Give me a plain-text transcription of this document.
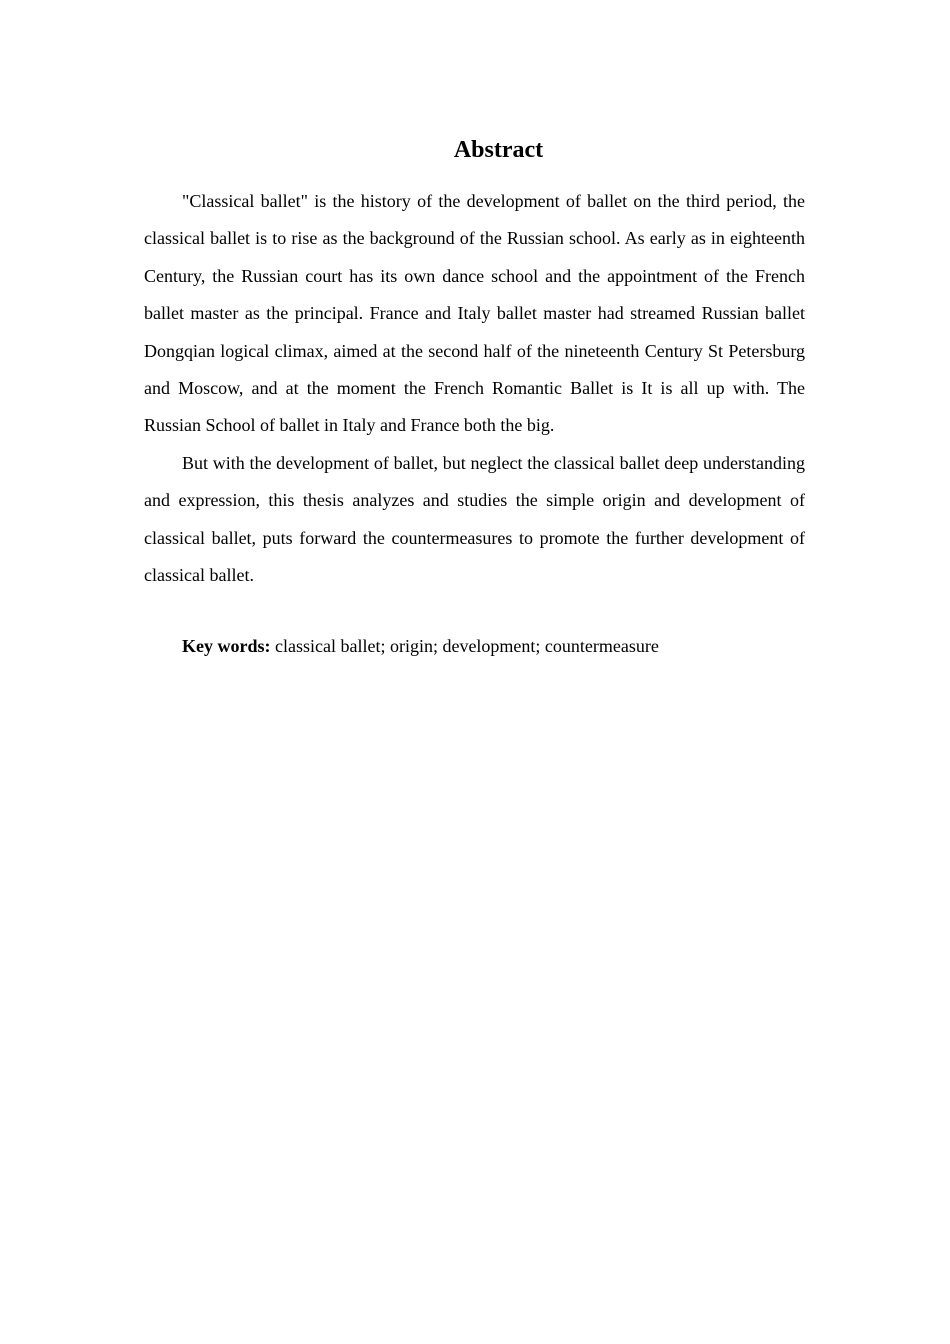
Abstract

"Classical ballet" is the history of the development of ballet on the third period, the classical ballet is to rise as the background of the Russian school. As early as in eighteenth Century, the Russian court has its own dance school and the appointment of the French ballet master as the principal. France and Italy ballet master had streamed Russian ballet Dongqian logical climax, aimed at the second half of the nineteenth Century St Petersburg and Moscow, and at the moment the French Romantic Ballet is It is all up with. The Russian School of ballet in Italy and France both the big.

But with the development of ballet, but neglect the classical ballet deep understanding and expression, this thesis analyzes and studies the simple origin and development of classical ballet, puts forward the countermeasures to promote the further development of classical ballet.

Key words: classical ballet; origin; development; countermeasure
